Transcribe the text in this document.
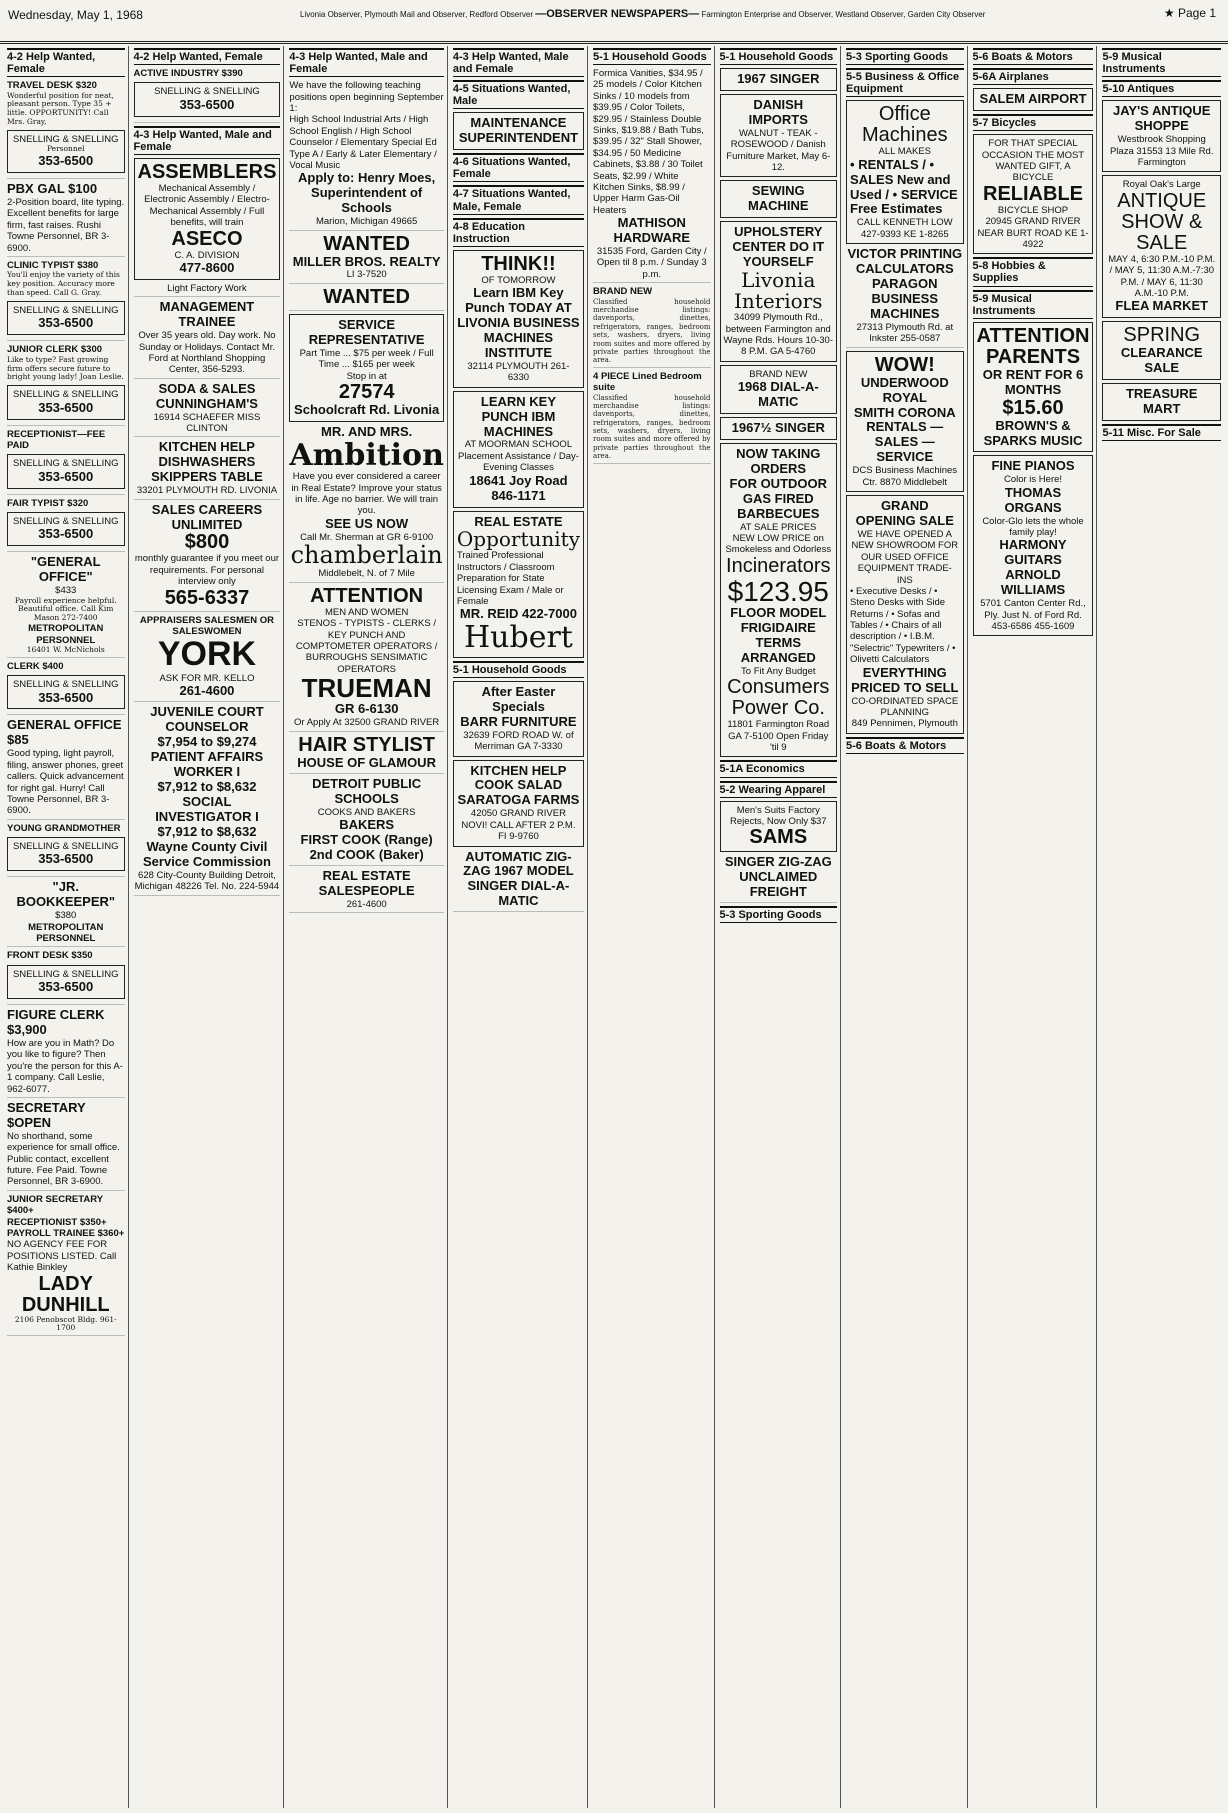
Wednesday, May 1, 1968	Livonia Observer, Plymouth Mail and Observer, Redford Observer —OBSERVER NEWSPAPERS— Farmington Enterprise and Observer, Westland Observer, Garden City Observer	★ Page 1
4-2 Help Wanted, Female
TRAVEL DESK $320
Wonderful position for neat, pleasant person. Type 35 + little. OPPORTUNITY! Call Mrs. Gray,
SNELLING & SNELLING
Personnel
353-6500
PBX GAL $100
2-Position board, lite typing. Excellent benefits for large firm, fast raises. Rushi Towne Personnel, BR 3-6900.
CLINIC TYPIST $380
You'll enjoy the variety of this key position. Accuracy more than speed. Call G. Gray.
SNELLING & SNELLING
353-6500
JUNIOR CLERK $300
Like to type? Fast growing firm offers secure future to bright young lady! Joan Leslie.
SNELLING & SNELLING
353-6500
RECEPTIONIST—FEE PAID
SNELLING & SNELLING
353-6500
FAIR TYPIST $320
SNELLING & SNELLING
353-6500
"GENERAL OFFICE"
$433
Payroll experience helpful. Beautiful office. Call Kim Mason 272-7400
METROPOLITAN PERSONNEL
16401 W. McNichols
CLERK $400
SNELLING & SNELLING
353-6500
GENERAL OFFICE $85
Good typing, light payroll, filing, answer phones, greet callers. Quick advancement for right gal. Hurry! Call Towne Personnel, BR 3-6900.
YOUNG GRANDMOTHER
SNELLING & SNELLING
353-6500
"JR. BOOKKEEPER"
$380
METROPOLITAN PERSONNEL
FRONT DESK $350
SNELLING & SNELLING
353-6500
FIGURE CLERK $3,900
How are you in Math? Do you like to figure? Then you're the person for this A-1 company. Call Leslie, 962-6077.
SECRETARY $OPEN
No shorthand, some experience for small office. Public contact, excellent future. Fee Paid. Towne Personnel, BR 3-6900.
JUNIOR SECRETARY $400+
RECEPTIONIST $350+
PAYROLL TRAINEE $360+
NO AGENCY FEE FOR POSITIONS LISTED. Call Kathie Binkley
LADY DUNHILL
2106 Penobscot Bldg. 961-1700
4-2 Help Wanted, Female
ACTIVE INDUSTRY $390
SNELLING & SNELLING
353-6500
4-3 Help Wanted, Male and Female
ASSEMBLERS
Mechanical Assembly / Electronic Assembly / Electro-Mechanical Assembly / Full benefits, will train
ASECO
C. A. DIVISION
477-8600
Light Factory Work
MANAGEMENT TRAINEE
Over 35 years old. Day work. No Sunday or Holidays. Contact Mr. Ford at Northland Shopping Center, 356-5293.
SODA & SALES
CUNNINGHAM'S
16914 SCHAEFER MISS CLINTON
KITCHEN HELP DISHWASHERS
SKIPPERS TABLE
33201 PLYMOUTH RD. LIVONIA
SALES CAREERS UNLIMITED
$800
monthly guarantee if you meet our requirements. For personal interview only
565-6337
APPRAISERS SALESMEN OR SALESWOMEN
YORK
ASK FOR MR. KELLO
261-4600
JUVENILE COURT COUNSELOR
$7,954 to $9,274
PATIENT AFFAIRS WORKER I
$7,912 to $8,632
SOCIAL INVESTIGATOR I
$7,912 to $8,632
Wayne County Civil Service Commission
628 City-County Building Detroit, Michigan 48226 Tel. No. 224-5944
4-3 Help Wanted, Male and Female
We have the following teaching positions open beginning September 1:
High School Industrial Arts / High School English / High School Counselor / Elementary Special Ed Type A / Early & Later Elementary / Vocal Music
Apply to: Henry Moes, Superintendent of Schools
Marion, Michigan 49665
WANTED
MILLER BROS. REALTY
LI 3-7520
WANTED
SERVICE REPRESENTATIVE
Part Time ... $75 per week / Full Time ... $165 per week
Stop in at
27574
Schoolcraft Rd. Livonia
MR. AND MRS.
Ambition
Have you ever considered a career in Real Estate? Improve your status in life. Age no barrier. We will train you.
SEE US NOW
Call Mr. Sherman at GR 6-9100
chamberlain
Middlebelt, N. of 7 Mile
ATTENTION
MEN AND WOMEN
STENOS - TYPISTS - CLERKS / KEY PUNCH AND COMPTOMETER OPERATORS / BURROUGHS SENSIMATIC OPERATORS
TRUEMAN
GR 6-6130
Or Apply At 32500 GRAND RIVER
HAIR STYLIST
HOUSE OF GLAMOUR
DETROIT PUBLIC SCHOOLS
COOKS AND BAKERS
BAKERS
FIRST COOK (Range)
2nd COOK (Baker)
REAL ESTATE SALESPEOPLE
261-4600
4-3 Help Wanted, Male and Female
4-5 Situations Wanted, Male
MAINTENANCE SUPERINTENDENT
4-6 Situations Wanted, Female
4-7 Situations Wanted, Male, Female
4-8 Education Instruction
THINK!!
OF TOMORROW
Learn IBM Key Punch TODAY AT
LIVONIA BUSINESS MACHINES INSTITUTE
32114 PLYMOUTH 261-6330
LEARN KEY PUNCH IBM MACHINES
AT MOORMAN SCHOOL
Placement Assistance / Day-Evening Classes
18641 Joy Road 846-1171
REAL ESTATE
Opportunity
Trained Professional Instructors / Classroom Preparation for State Licensing Exam / Male or Female
MR. REID 422-7000
Hubert
5-1 Household Goods
After Easter Specials
BARR FURNITURE
32639 FORD ROAD W. of Merriman GA 7-3330
KITCHEN HELP COOK SALAD
SARATOGA FARMS
42050 GRAND RIVER NOVI! CALL AFTER 2 P.M. FI 9-9760
AUTOMATIC ZIG-ZAG 1967 MODEL
SINGER DIAL-A-MATIC
5-1 Household Goods
Formica Vanities, $34.95 / 25 models / Color Kitchen Sinks / 10 models from $39.95 / Color Toilets, $29.95 / Stainless Double Sinks, $19.88 / Bath Tubs, $39.95 / 32" Stall Shower, $34.95 / 50 Medicine Cabinets, $3.88 / 30 Toilet Seats, $2.99 / White Kitchen Sinks, $8.99 / Upper Harm Gas-Oil Heaters
MATHISON HARDWARE
31535 Ford, Garden City / Open til 8 p.m. / Sunday 3 p.m.
BRAND NEW
Classified household merchandise listings: davenports, dinettes, refrigerators, ranges, bedroom sets, washers, dryers, living room suites and more offered by private parties throughout the area.
4 PIECE Lined Bedroom suite
Classified household merchandise listings: davenports, dinettes, refrigerators, ranges, bedroom sets, washers, dryers, living room suites and more offered by private parties throughout the area.
5-1 Household Goods
1967 SINGER
DANISH IMPORTS
WALNUT - TEAK - ROSEWOOD / Danish Furniture Market, May 6-12.
SEWING MACHINE
UPHOLSTERY CENTER DO IT YOURSELF
Livonia Interiors
34099 Plymouth Rd., between Farmington and Wayne Rds. Hours 10-30-8 P.M. GA 5-4760
BRAND NEW
1968 DIAL-A-MATIC
1967½ SINGER
NOW TAKING ORDERS
FOR OUTDOOR GAS FIRED BARBECUES
AT SALE PRICES
NEW LOW PRICE on Smokeless and Odorless
Incinerators
$123.95
FLOOR MODEL FRIGIDAIRE
TERMS ARRANGED
To Fit Any Budget
Consumers Power Co.
11801 Farmington Road GA 7-5100 Open Friday 'til 9
5-1A Economics
5-2 Wearing Apparel
Men's Suits Factory Rejects, Now Only $37
SAMS
SINGER ZIG-ZAG
UNCLAIMED FREIGHT
5-3 Sporting Goods
5-3 Sporting Goods
5-5 Business & Office Equipment
Office Machines
ALL MAKES
• RENTALS / • SALES New and Used / • SERVICE Free Estimates
CALL KENNETH LOW
427-9393 KE 1-8265
VICTOR PRINTING CALCULATORS
PARAGON BUSINESS MACHINES
27313 Plymouth Rd. at Inkster 255-0587
WOW!
UNDERWOOD
ROYAL
SMITH CORONA
RENTALS — SALES — SERVICE
DCS Business Machines Ctr. 8870 Middlebelt
GRAND OPENING SALE
WE HAVE OPENED A NEW SHOWROOM FOR OUR USED OFFICE EQUIPMENT TRADE-INS
• Executive Desks / • Steno Desks with Side Returns / • Sofas and Tables / • Chairs of all description / • I.B.M. "Selectric" Typewriters / • Olivetti Calculators
EVERYTHING PRICED TO SELL
CO-ORDINATED SPACE PLANNING
849 Pennimen, Plymouth
5-6 Boats & Motors
5-6 Boats & Motors
5-6A Airplanes
SALEM AIRPORT
5-7 Bicycles
FOR THAT SPECIAL OCCASION THE MOST WANTED GIFT, A BICYCLE
RELIABLE
BICYCLE SHOP
20945 GRAND RIVER NEAR BURT ROAD KE 1-4922
5-8 Hobbies & Supplies
5-9 Musical Instruments
ATTENTION PARENTS
OR RENT FOR 6 MONTHS
$15.60
BROWN'S & SPARKS MUSIC
FINE PIANOS
Color is Here!
THOMAS ORGANS
Color-Glo lets the whole family play!
HARMONY GUITARS
ARNOLD WILLIAMS
5701 Canton Center Rd., Ply. Just N. of Ford Rd.
453-6586 455-1609
5-9 Musical Instruments
5-10 Antiques
JAY'S ANTIQUE SHOPPE
Westbrook Shopping Plaza 31553 13 Mile Rd. Farmington
Royal Oak's Large
ANTIQUE SHOW & SALE
MAY 4, 6:30 P.M.-10 P.M. / MAY 5, 11:30 A.M.-7:30 P.M. / MAY 6, 11:30 A.M.-10 P.M.
FLEA MARKET
SPRING
CLEARANCE SALE
TREASURE MART
5-11 Misc. For Sale
